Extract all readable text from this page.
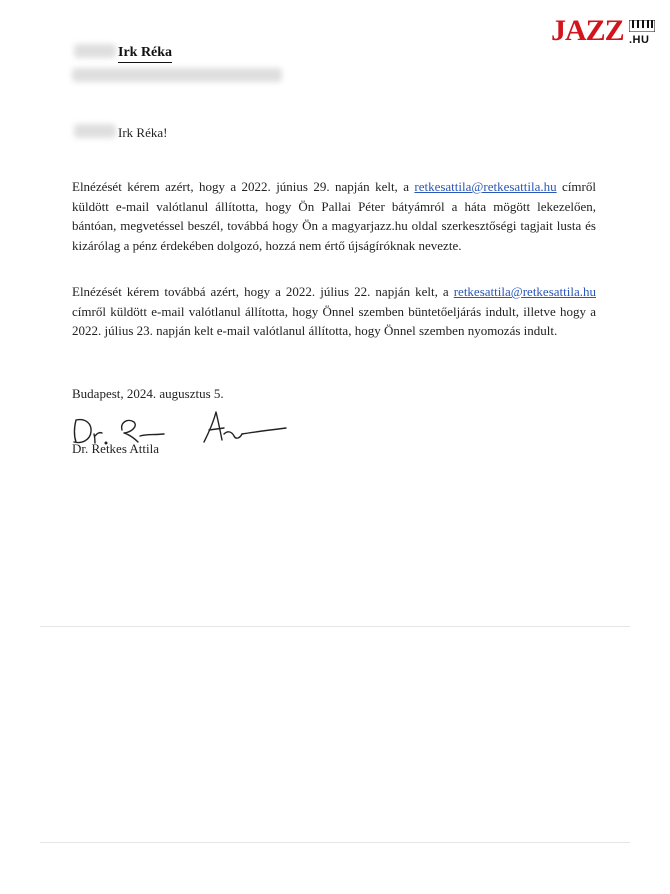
JAZZ .HU
Irk Réka
Irk Réka!
Elnézését kérem azért, hogy a 2022. június 29. napján kelt, a retkesattila@retkesattila.hu címről küldött e-mail valótlanul állította, hogy Ön Pallai Péter bátyámról a háta mögött lekezelően, bántóan, megvetéssel beszél, továbbá hogy Ön a magyarjazz.hu oldal szerkesztőségi tagjait lusta és kizárólag a pénz érdekében dolgozó, hozzá nem értő újságíróknak nevezte.
Elnézését kérem továbbá azért, hogy a 2022. július 22. napján kelt, a retkesattila@retkesattila.hu címről küldött e-mail valótlanul állította, hogy Önnel szemben büntetőeljárás indult, illetve hogy a 2022. július 23. napján kelt e-mail valótlanul állította, hogy Önnel szemben nyomozás indult.
Budapest, 2024. augusztus 5.
Dr. Retkes Attila
